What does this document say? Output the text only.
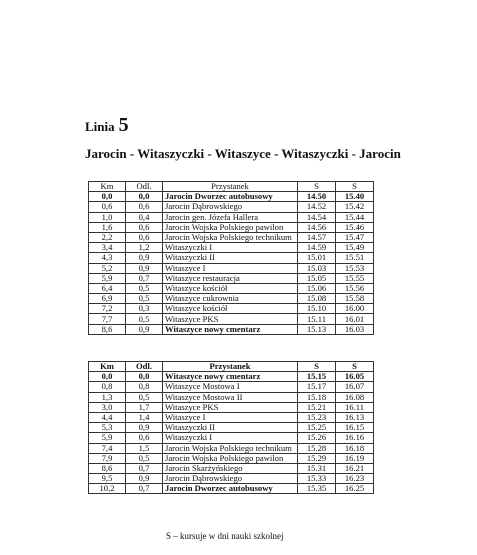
Linia 5
Jarocin - Witaszyczki - Witaszyce - Witaszyczki - Jarocin
Km	Odl.	Przystanek	S	S
0,0	0,0	Jarocin Dworzec autobusowy	14.50	15.40
0,6	0,6	Jarocin Dąbrowskiego	14.52	15.42
1,0	0,4	Jarocin gen. Józefa Hallera	14.54	15.44
1,6	0,6	Jarocin Wojska Polskiego pawilon	14.56	15.46
2,2	0,6	Jarocin Wojska Polskiego technikum	14.57	15.47
3,4	1,2	Witaszyczki I	14.59	15.49
4,3	0,9	Witaszyczki II	15.01	15.51
5,2	0,9	Witaszyce I	15.03	15.53
5,9	0,7	Witaszyce restauracja	15.05	15.55
6,4	0,5	Witaszyce kościół	15.06	15.56
6,9	0,5	Witaszyce cukrownia	15.08	15.58
7,2	0,3	Witaszyce kościół	15.10	16.00
7,7	0,5	Witaszyce PKS	15.11	16.01
8,6	0,9	Witaszyce nowy cmentarz	15.13	16.03
Km	Odl.	Przystanek	S	S
0,0	0,0	Witaszyce nowy cmentarz	15.15	16.05
0,8	0,8	Witaszyce Mostowa I	15.17	16.07
1,3	0,5	Witaszyce Mostowa II	15.18	16.08
3,0	1,7	Witaszyce PKS	15.21	16.11
4,4	1,4	Witaszyce I	15.23	16.13
5,3	0,9	Witaszyczki II	15.25	16.15
5,9	0,6	Witaszyczki I	15.26	16.16
7,4	1,5	Jarocin Wojska Polskiego technikum	15.28	16.18
7,9	0,5	Jarocin Wojska Polskiego pawilon	15.29	16.19
8,6	0,7	Jarocin Skarżyńskiego	15.31	16.21
9,5	0,9	Jarocin Dąbrowskiego	15.33	16.23
10,2	0,7	Jarocin Dworzec autobusowy	15.35	16.25

S – kursuje w dni nauki szkolnej
